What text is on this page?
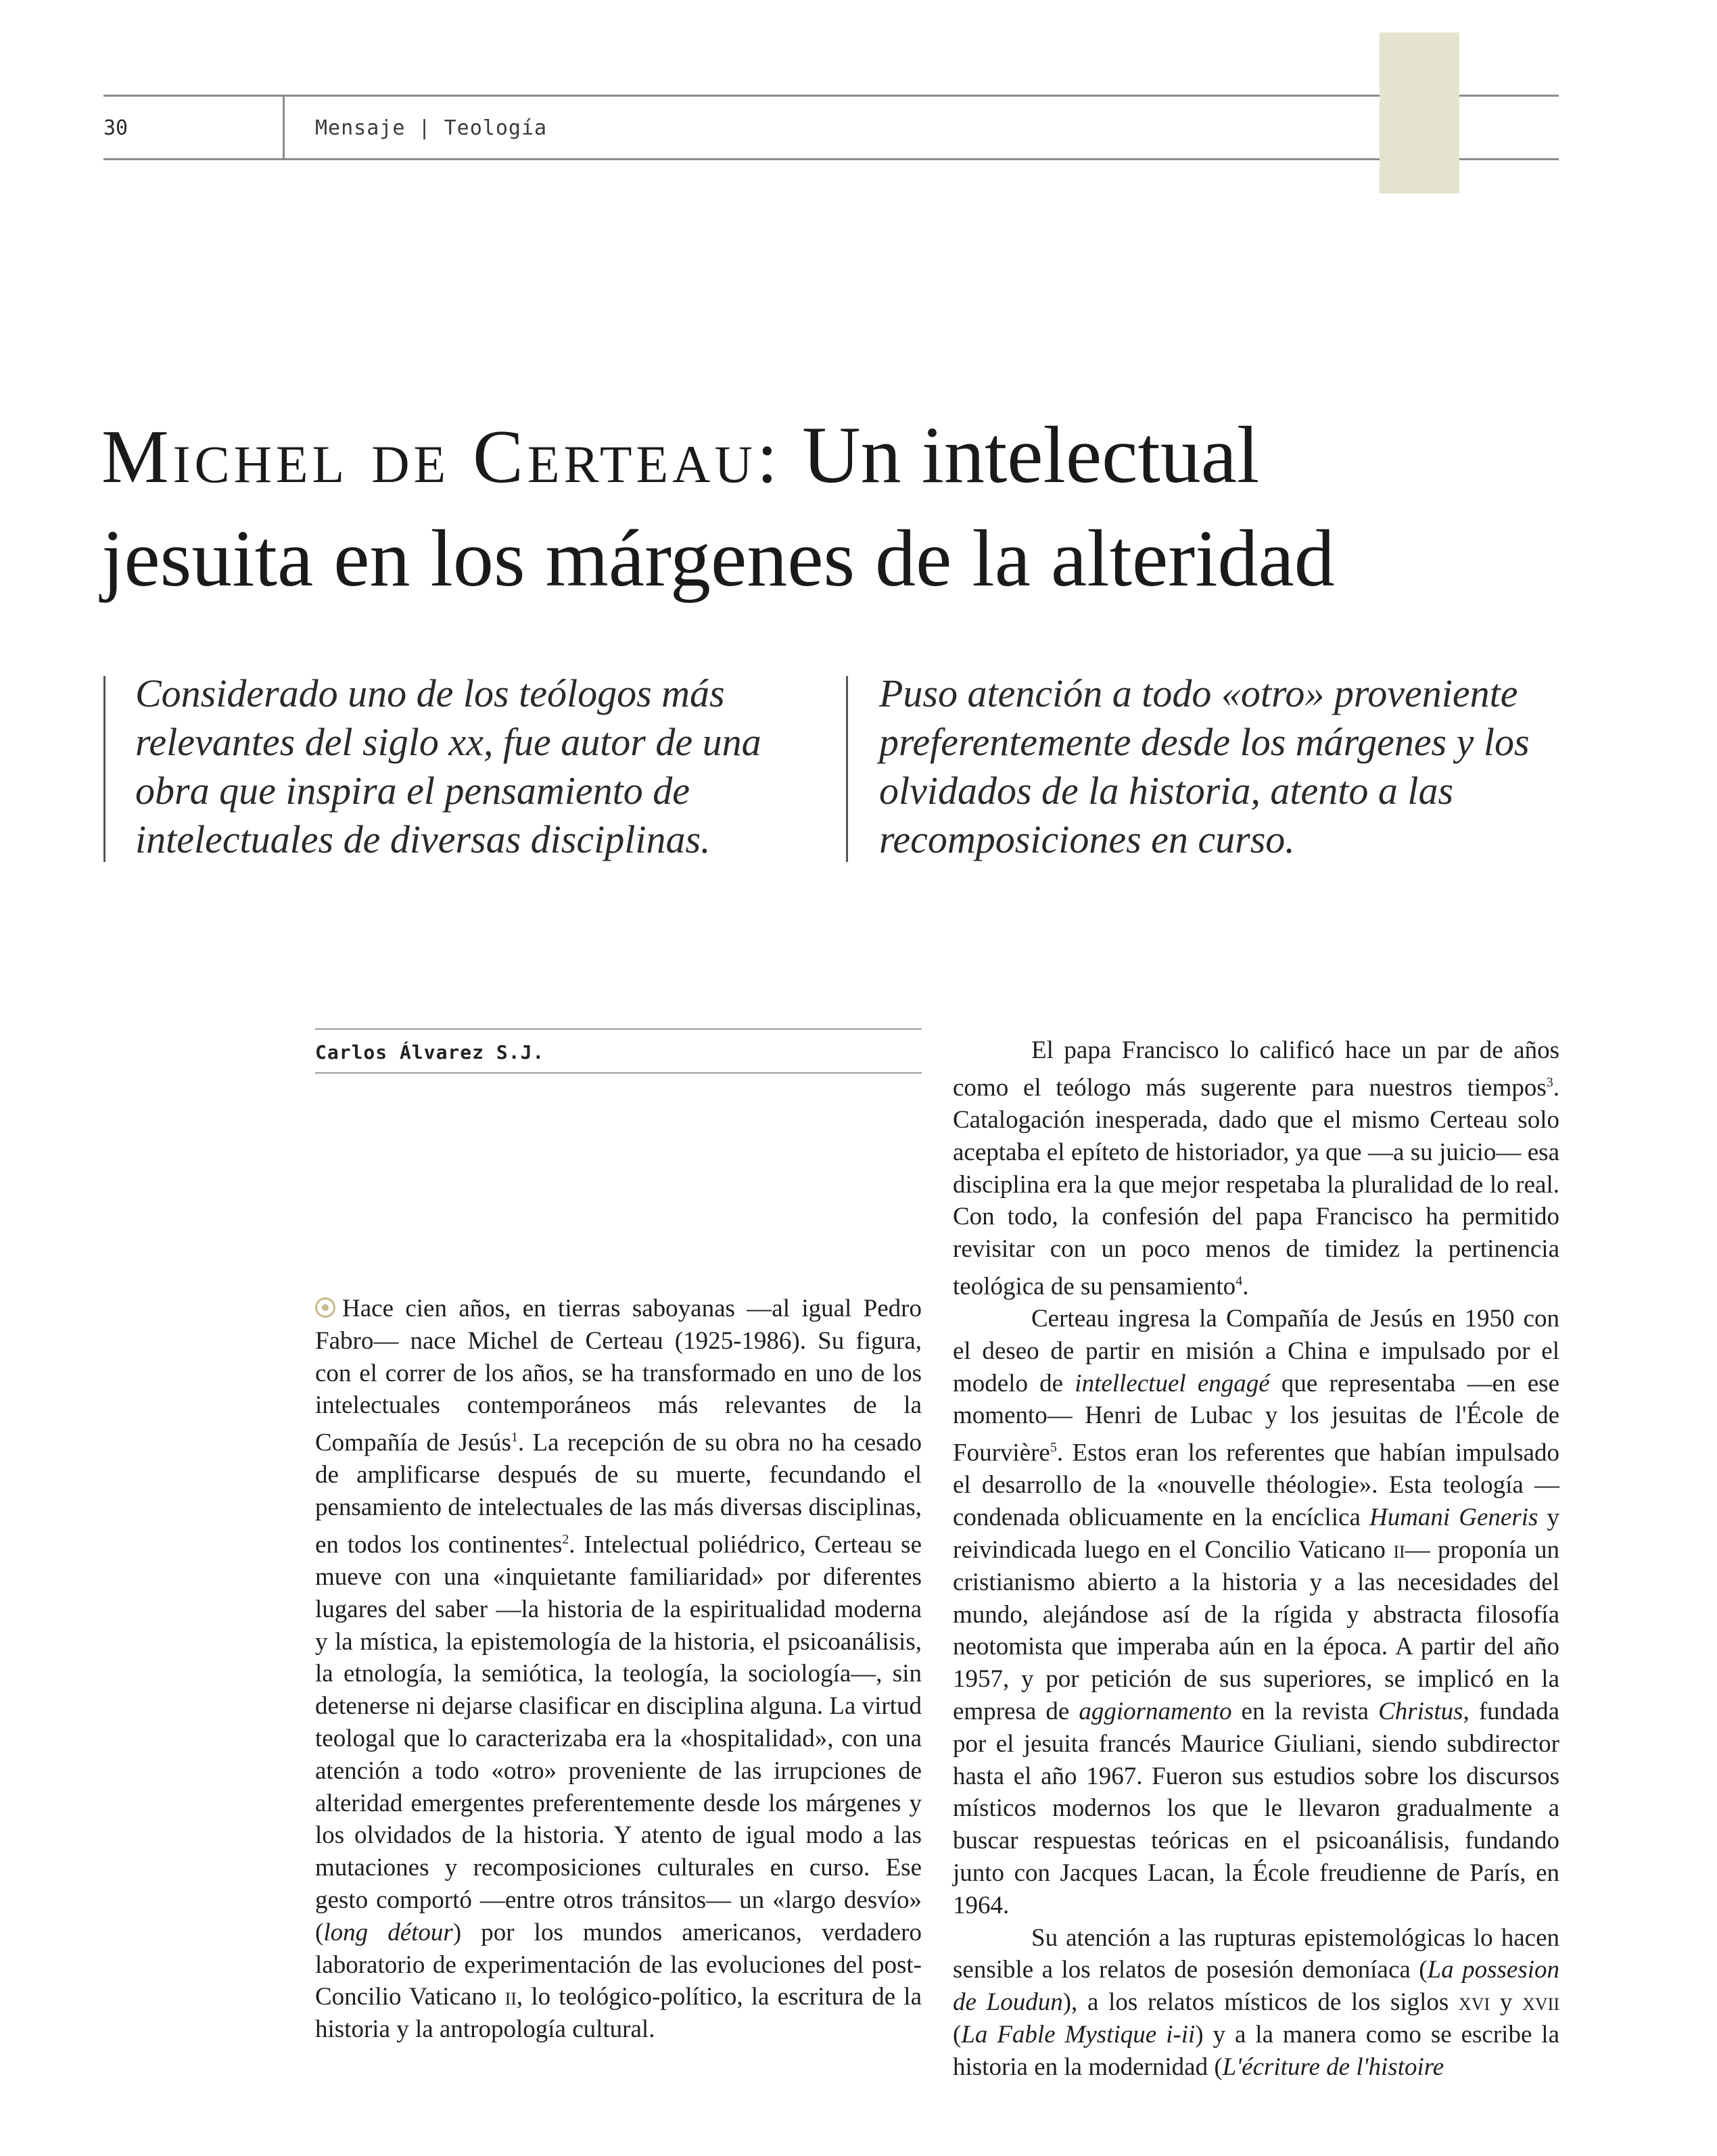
30	Mensaje | Teología
Michel de Certeau: Un intelectual
jesuita en los márgenes de la alteridad
Considerado uno de los teólogos más relevantes del siglo xx, fue autor de una obra que inspira el pensamiento de intelectuales de diversas disciplinas.
Puso atención a todo «otro» proveniente preferentemente desde los márgenes y los olvidados de la historia, atento a las recomposiciones en curso.
Carlos Álvarez S.J.

Hace cien años, en tierras saboyanas —al igual Pedro Fabro— nace Michel de Certeau (1925-1986). Su figura, con el correr de los años, se ha transformado en uno de los intelectuales contemporáneos más relevantes de la Compañía de Jesús$^1$. La recepción de su obra no ha cesado de amplificarse después de su muerte, fecundando el pensamiento de intelectuales de las más diversas disciplinas, en todos los continentes$^2$. Intelectual poliédrico, Certeau se mueve con una «inquietante familiaridad» por diferentes lugares del saber —la historia de la espiritualidad moderna y la mística, la epistemología de la historia, el psicoanálisis, la etnología, la semiótica, la teología, la sociología—, sin detenerse ni dejarse clasificar en disciplina alguna. La virtud teologal que lo caracterizaba era la «hospitalidad», con una atención a todo «otro» proveniente de las irrupciones de alteridad emergentes preferentemente desde los márgenes y los olvidados de la historia. Y atento de igual modo a las mutaciones y recomposiciones culturales en curso. Ese gesto comportó —entre otros tránsitos— un «largo desvío» (long détour) por los mundos americanos, verdadero laboratorio de experimentación de las evoluciones del post-Concilio Vaticano ii, lo teológico-político, la escritura de la historia y la antropología cultural.

El papa Francisco lo calificó hace un par de años como el teólogo más sugerente para nuestros tiempos$^3$. Catalogación inesperada, dado que el mismo Certeau solo aceptaba el epíteto de historiador, ya que —a su juicio— esa disciplina era la que mejor respetaba la pluralidad de lo real. Con todo, la confesión del papa Francisco ha permitido revisitar con un poco menos de timidez la pertinencia teológica de su pensamiento$^4$.

Certeau ingresa la Compañía de Jesús en 1950 con el deseo de partir en misión a China e impulsado por el modelo de intellectuel engagé que representaba —en ese momento— Henri de Lubac y los jesuitas de l'École de Fourvière$^5$. Estos eran los referentes que habían impulsado el desarrollo de la «nouvelle théologie». Esta teología —condenada oblicuamente en la encíclica Humani Generis y reivindicada luego en el Concilio Vaticano ii— proponía un cristianismo abierto a la historia y a las necesidades del mundo, alejándose así de la rígida y abstracta filosofía neotomista que imperaba aún en la época. A partir del año 1957, y por petición de sus superiores, se implicó en la empresa de aggiornamento en la revista Christus, fundada por el jesuita francés Maurice Giuliani, siendo subdirector hasta el año 1967. Fueron sus estudios sobre los discursos místicos modernos los que le llevaron gradualmente a buscar respuestas teóricas en el psicoanálisis, fundando junto con Jacques Lacan, la École freudienne de París, en 1964.

Su atención a las rupturas epistemológicas lo hacen sensible a los relatos de posesión demoníaca (La possesion de Loudun), a los relatos místicos de los siglos xvi y xvii (La Fable Mystique i-ii) y a la manera como se escribe la historia en la modernidad (L'écriture de l'histoire
